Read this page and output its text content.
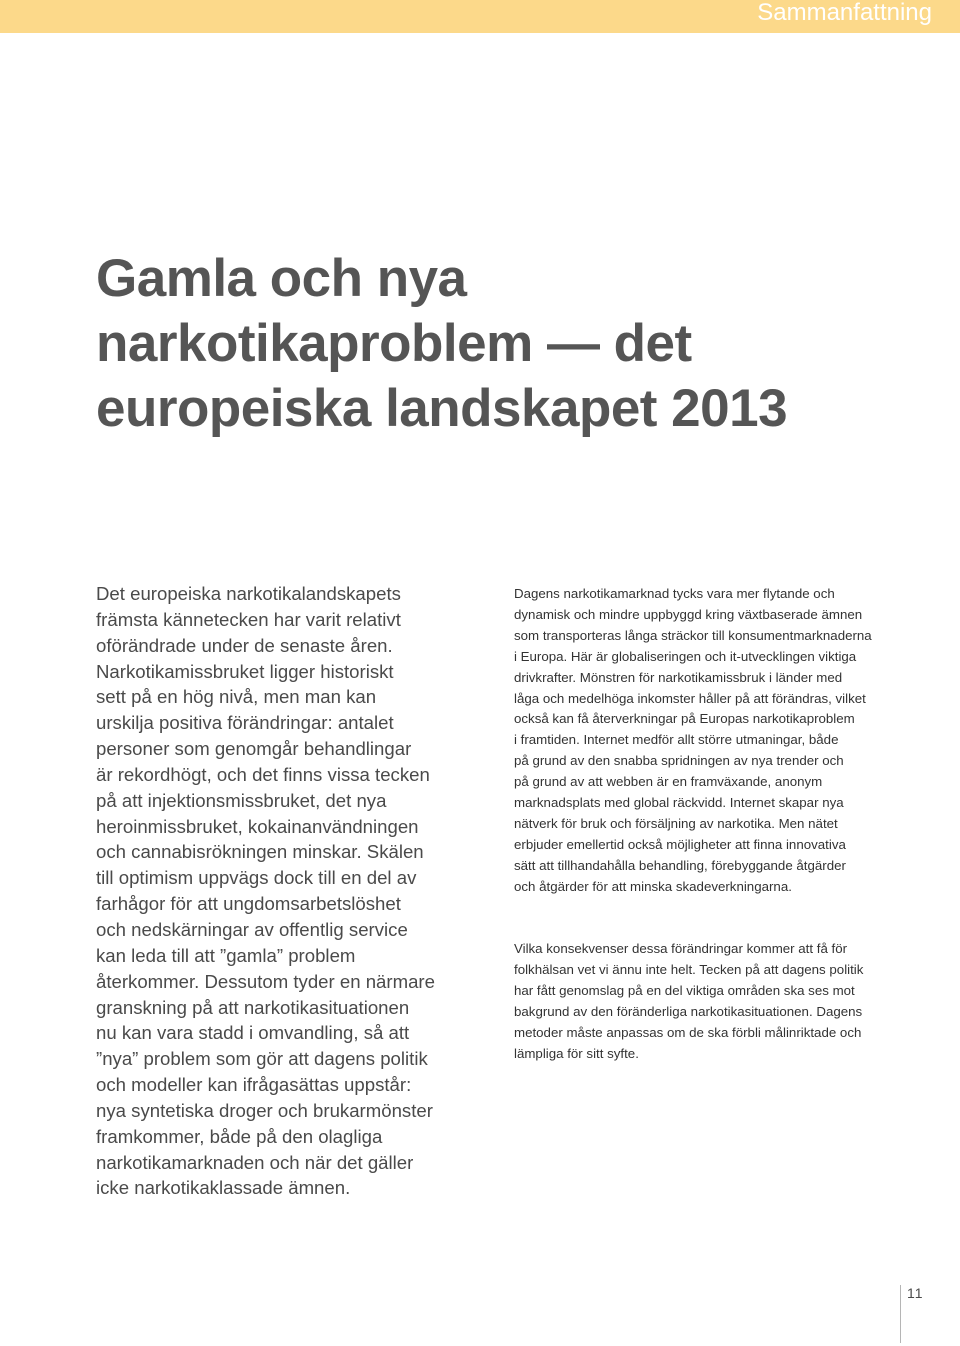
Sammanfattning
Gamla och nya
narkotikaproblem — det
europeiska landskapet 2013

Det europeiska narkotikalandskapets
främsta kännetecken har varit relativt
oförändrade under de senaste åren.
Narkotikamissbruket ligger historiskt
sett på en hög nivå, men man kan
urskilja positiva förändringar: antalet
personer som genomgår behandlingar
är rekordhögt, och det finns vissa tecken
på att injektionsmissbruket, det nya
heroinmissbruket, kokainanvändningen
och cannabisrökningen minskar. Skälen
till optimism uppvägs dock till en del av
farhågor för att ungdomsarbetslöshet
och nedskärningar av offentlig service
kan leda till att ”gamla” problem
återkommer. Dessutom tyder en närmare
granskning på att narkotikasituationen
nu kan vara stadd i omvandling, så att
”nya” problem som gör att dagens politik
och modeller kan ifrågasättas uppstår:
nya syntetiska droger och brukarmönster
framkommer, både på den olagliga
narkotikamarknaden och när det gäller
icke narkotikaklassade ämnen.

Dagens narkotikamarknad tycks vara mer flytande och
dynamisk och mindre uppbyggd kring växtbaserade ämnen
som transporteras långa sträckor till konsumentmarknaderna
i Europa. Här är globaliseringen och it-utvecklingen viktiga
drivkrafter. Mönstren för narkotikamissbruk i länder med
låga och medelhöga inkomster håller på att förändras, vilket
också kan få återverkningar på Europas narkotikaproblem
i framtiden. Internet medför allt större utmaningar, både
på grund av den snabba spridningen av nya trender och
på grund av att webben är en framväxande, anonym
marknadsplats med global räckvidd. Internet skapar nya
nätverk för bruk och försäljning av narkotika. Men nätet
erbjuder emellertid också möjligheter att finna innovativa
sätt att tillhandahålla behandling, förebyggande åtgärder
och åtgärder för att minska skadeverkningarna.

Vilka konsekvenser dessa förändringar kommer att få för
folkhälsan vet vi ännu inte helt. Tecken på att dagens politik
har fått genomslag på en del viktiga områden ska ses mot
bakgrund av den föränderliga narkotikasituationen. Dagens
metoder måste anpassas om de ska förbli målinriktade och
lämpliga för sitt syfte.

11
